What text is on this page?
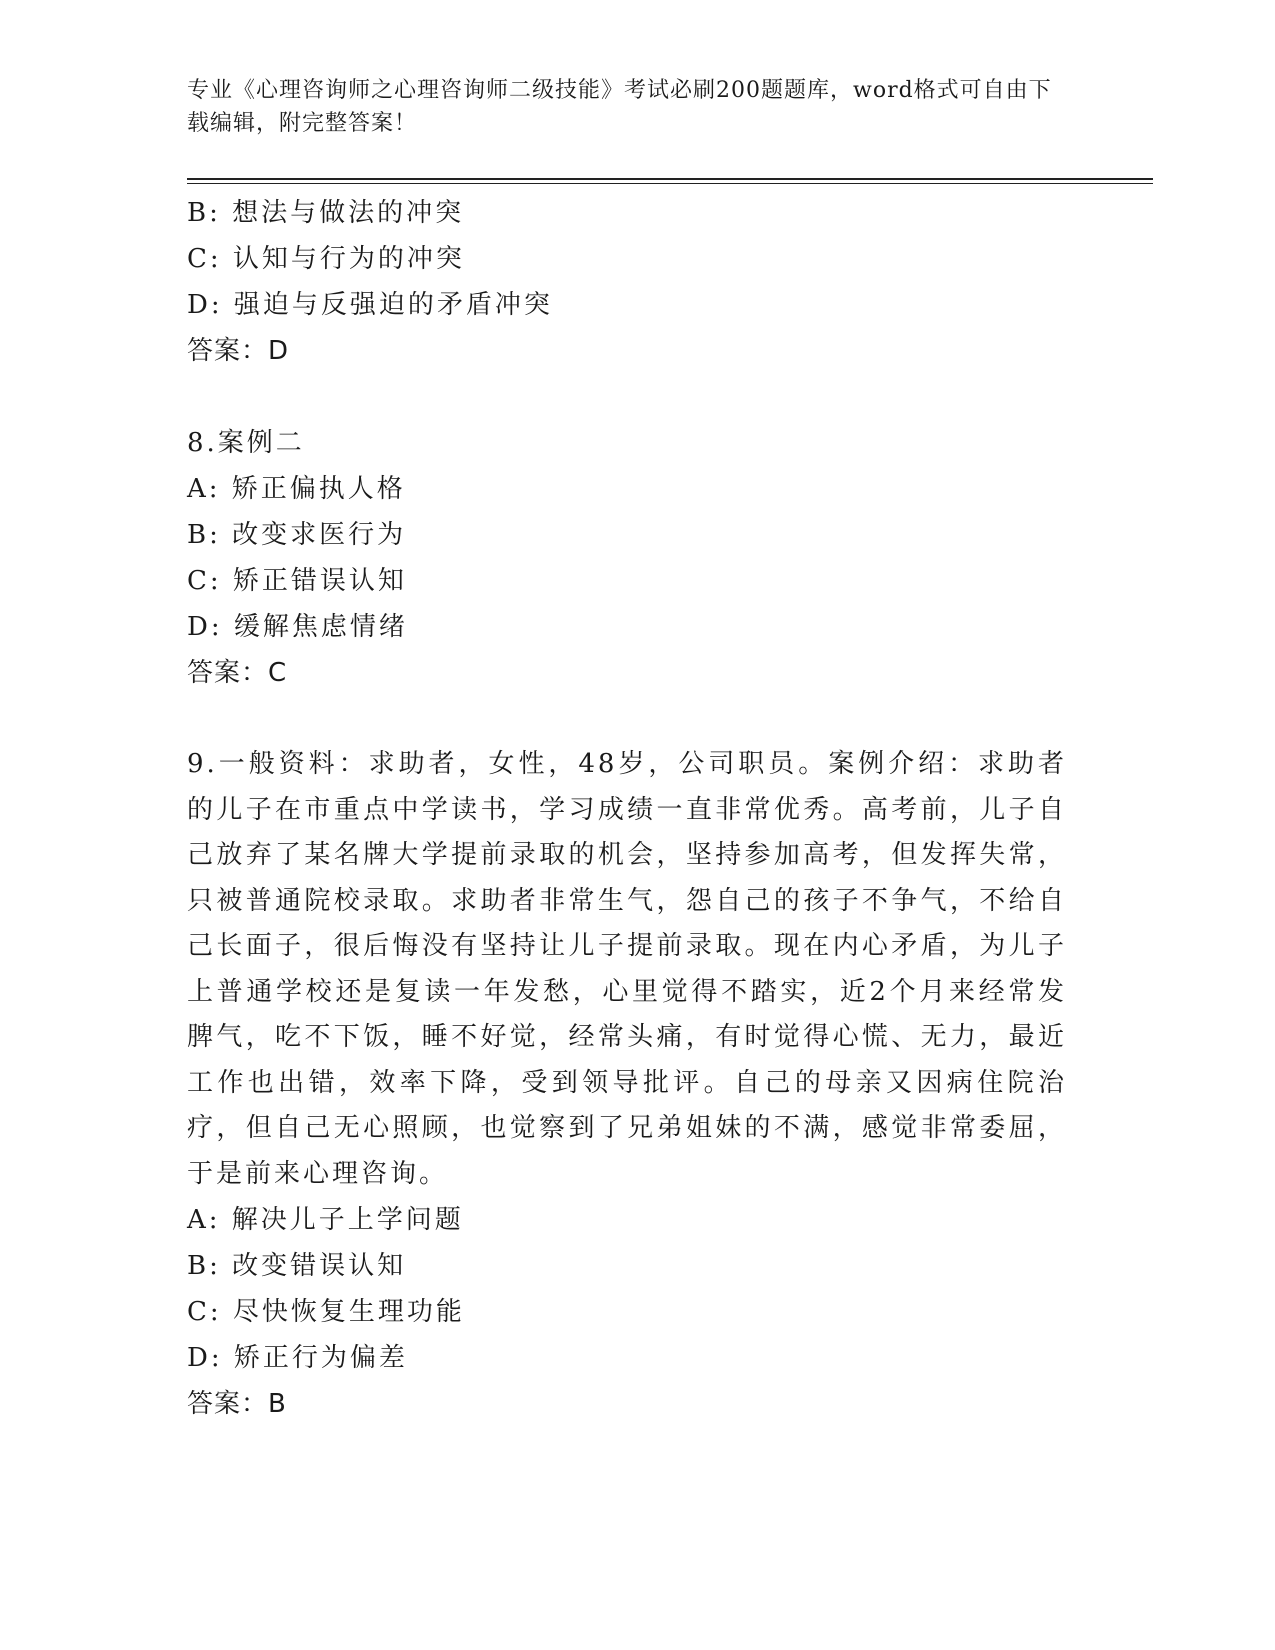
专业《心理咨询师之心理咨询师二级技能》考试必刷200题题库，word格式可自由下载编辑，附完整答案！
B: 想法与做法的冲突
C: 认知与行为的冲突
D: 强迫与反强迫的矛盾冲突
答案：D
8.案例二
A: 矫正偏执人格
B: 改变求医行为
C: 矫正错误认知
D: 缓解焦虑情绪
答案：C
9.一般资料：求助者，女性，48岁，公司职员。案例介绍：求助者的儿子在市重点中学读书，学习成绩一直非常优秀。高考前，儿子自己放弃了某名牌大学提前录取的机会，坚持参加高考，但发挥失常，只被普通院校录取。求助者非常生气，怨自己的孩子不争气，不给自己长面子，很后悔没有坚持让儿子提前录取。现在内心矛盾，为儿子上普通学校还是复读一年发愁，心里觉得不踏实，近2个月来经常发脾气，吃不下饭，睡不好觉，经常头痛，有时觉得心慌、无力，最近工作也出错，效率下降，受到领导批评。自己的母亲又因病住院治疗，但自己无心照顾，也觉察到了兄弟姐妹的不满，感觉非常委屈，于是前来心理咨询。
A: 解决儿子上学问题
B: 改变错误认知
C: 尽快恢复生理功能
D: 矫正行为偏差
答案：B
